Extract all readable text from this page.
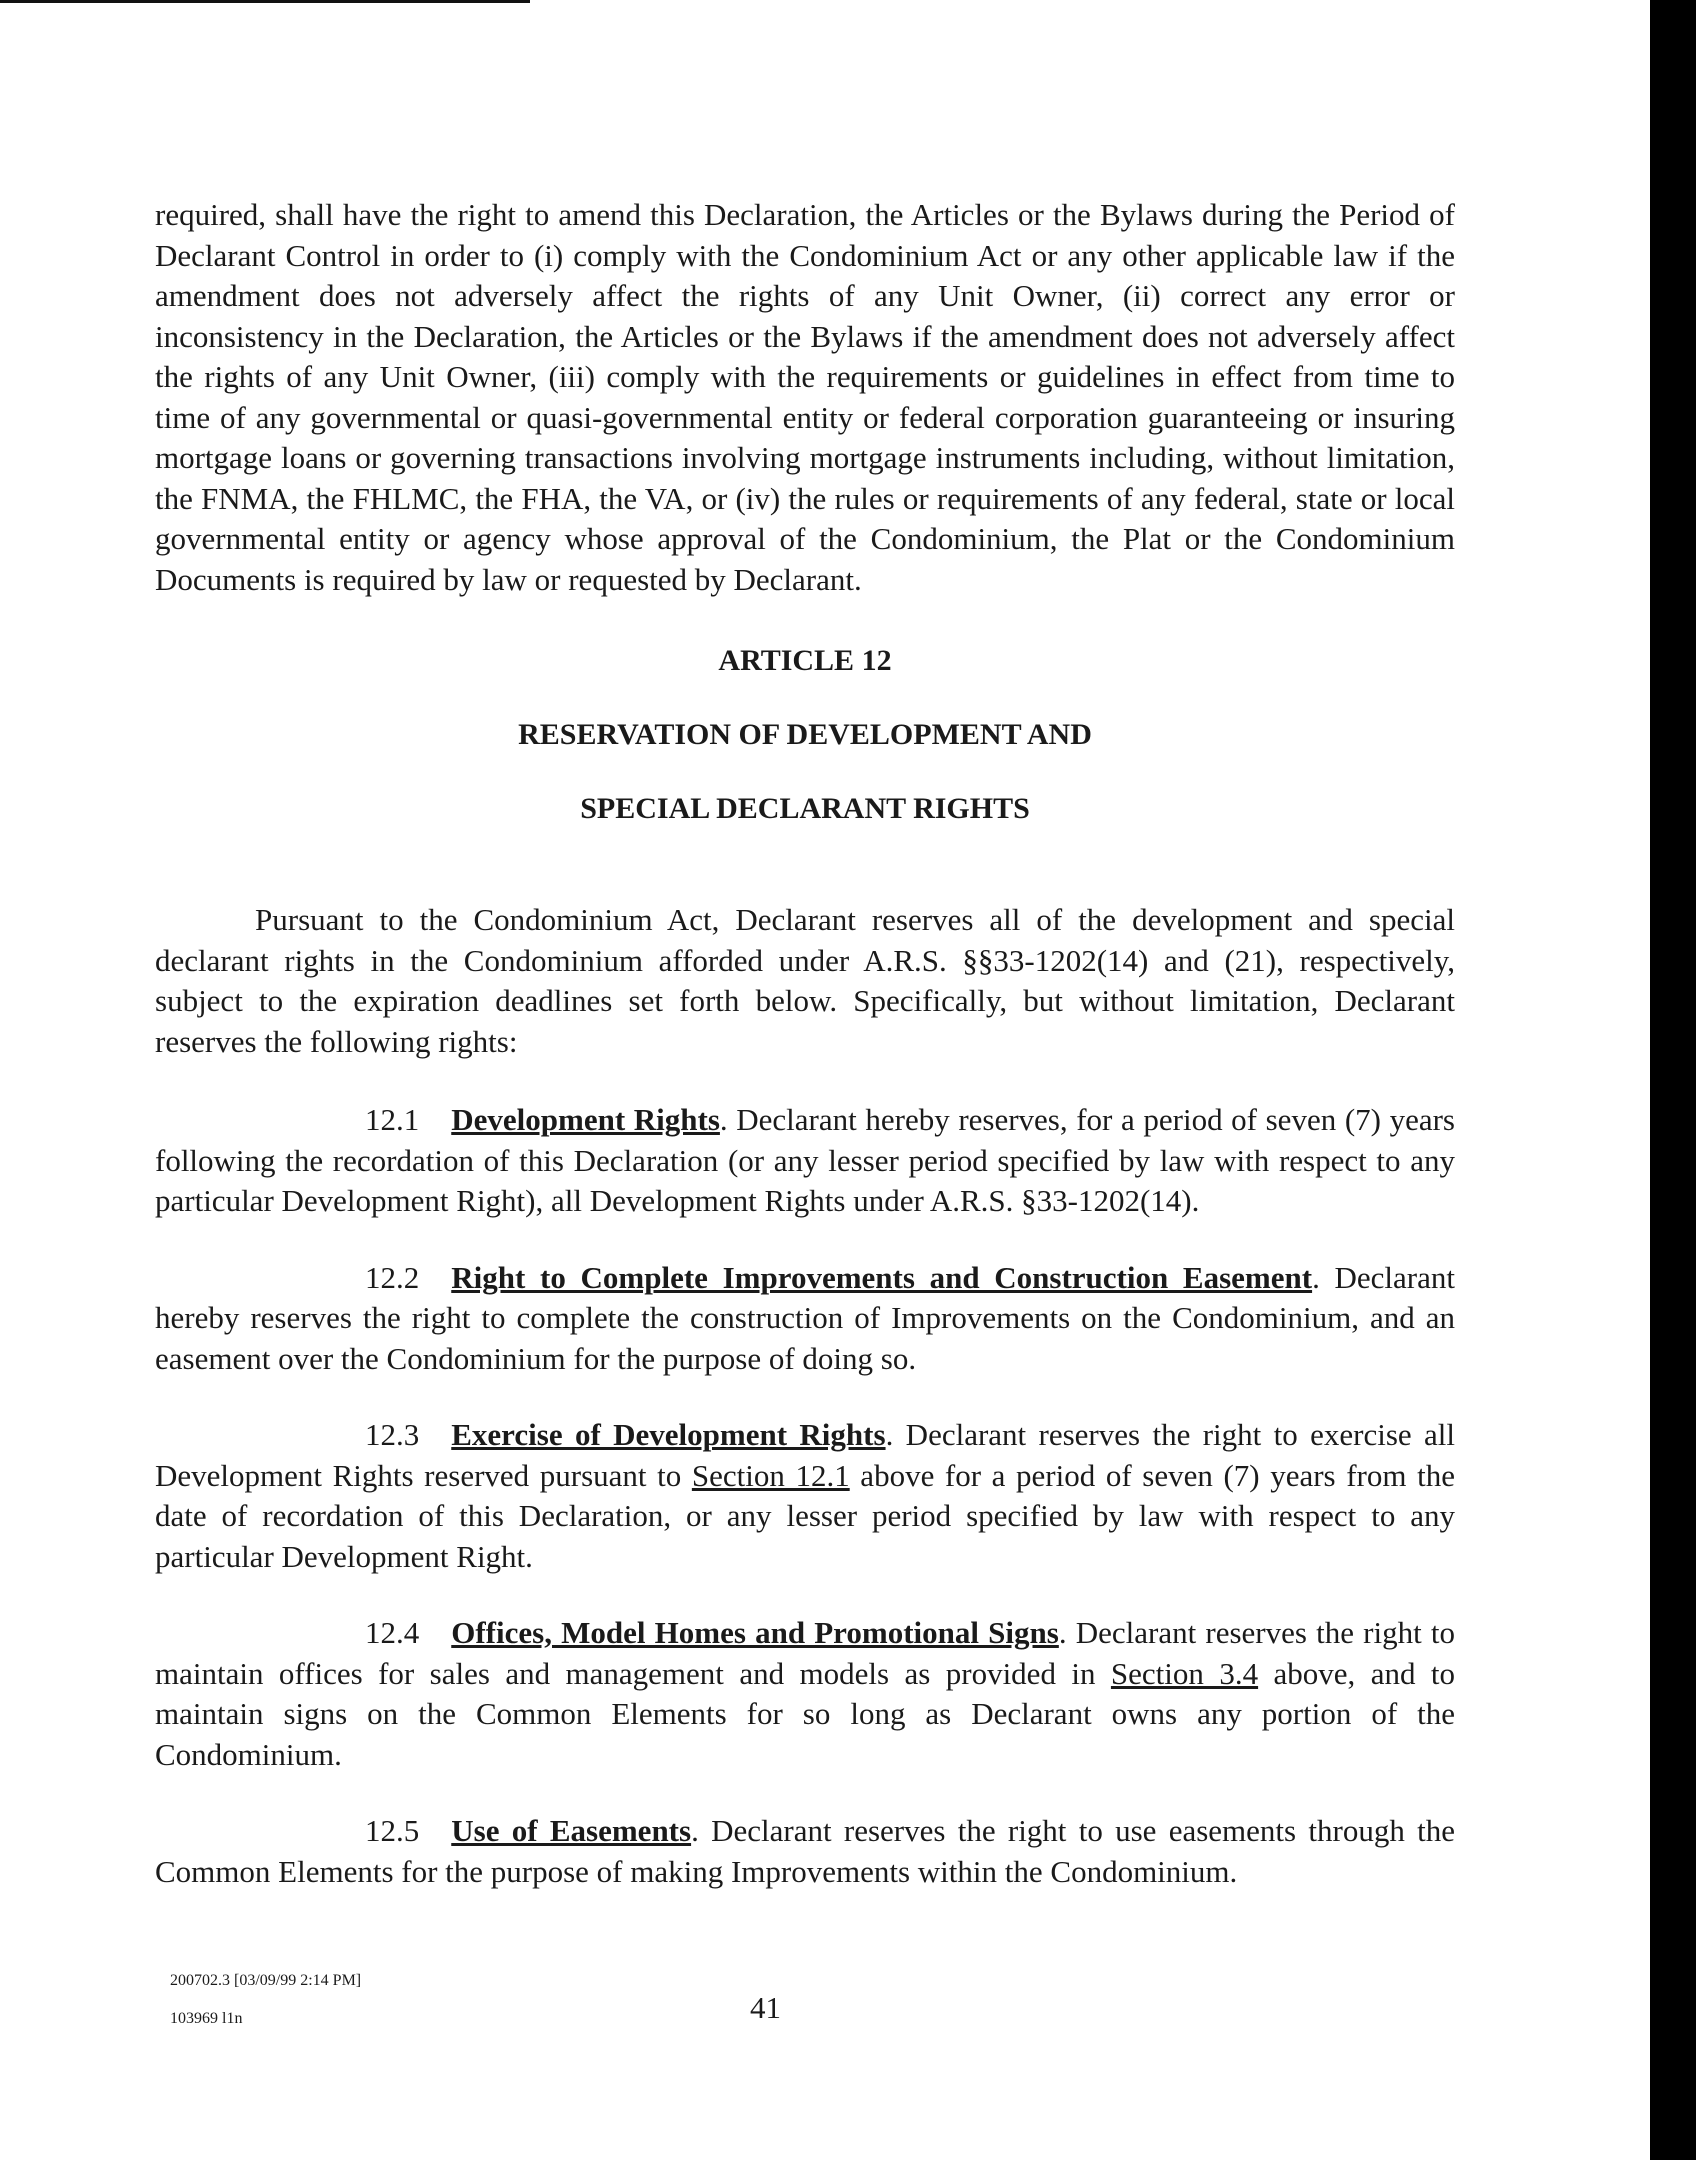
required, shall have the right to amend this Declaration, the Articles or the Bylaws during the Period of Declarant Control in order to (i) comply with the Condominium Act or any other applicable law if the amendment does not adversely affect the rights of any Unit Owner, (ii) correct any error or inconsistency in the Declaration, the Articles or the Bylaws if the amendment does not adversely affect the rights of any Unit Owner, (iii) comply with the requirements or guidelines in effect from time to time of any governmental or quasi-governmental entity or federal corporation guaranteeing or insuring mortgage loans or governing transactions involving mortgage instruments including, without limitation, the FNMA, the FHLMC, the FHA, the VA, or (iv) the rules or requirements of any federal, state or local governmental entity or agency whose approval of the Condominium, the Plat or the Condominium Documents is required by law or requested by Declarant.

ARTICLE 12

RESERVATION OF DEVELOPMENT AND

SPECIAL DECLARANT RIGHTS

Pursuant to the Condominium Act, Declarant reserves all of the development and special declarant rights in the Condominium afforded under A.R.S. §§33-1202(14) and (21), respectively, subject to the expiration deadlines set forth below. Specifically, but without limitation, Declarant reserves the following rights:

12.1 Development Rights. Declarant hereby reserves, for a period of seven (7) years following the recordation of this Declaration (or any lesser period specified by law with respect to any particular Development Right), all Development Rights under A.R.S. §33-1202(14).

12.2 Right to Complete Improvements and Construction Easement. Declarant hereby reserves the right to complete the construction of Improvements on the Condominium, and an easement over the Condominium for the purpose of doing so.

12.3 Exercise of Development Rights. Declarant reserves the right to exercise all Development Rights reserved pursuant to Section 12.1 above for a period of seven (7) years from the date of recordation of this Declaration, or any lesser period specified by law with respect to any particular Development Right.

12.4 Offices, Model Homes and Promotional Signs. Declarant reserves the right to maintain offices for sales and management and models as provided in Section 3.4 above, and to maintain signs on the Common Elements for so long as Declarant owns any portion of the Condominium.

12.5 Use of Easements. Declarant reserves the right to use easements through the Common Elements for the purpose of making Improvements within the Condominium.

200702.3 [03/09/99 2:14 PM]
103969 l1n	41
